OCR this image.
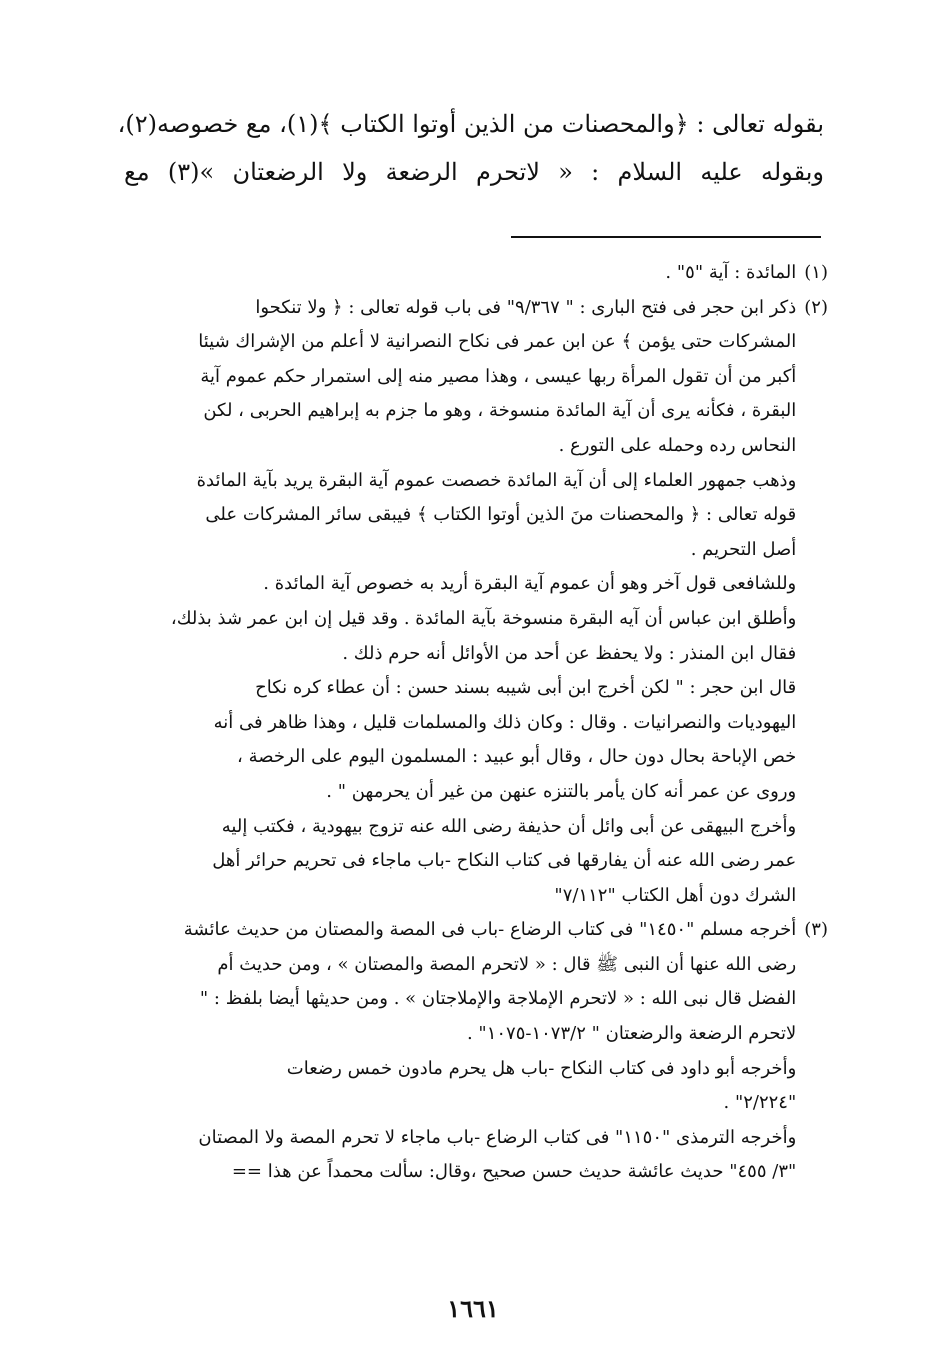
بقوله تعالى : ﴿والمحصنات من الذين أوتوا الكتاب ﴾(١)، مع خصوصه(٢)،
وبقوله عليه السلام : « لاتحرم الرضعة ولا الرضعتان »(٣) مع
(١)
المائدة : آية "٥" .
(٢)
ذكر ابن حجر فى فتح البارى : " ٩/٣٦٧" فى باب قوله تعالى : ﴿ ولا تنكحوا
المشركات حتى يؤمن ﴾ عن ابن عمر فى نكاح النصرانية لا أعلم من الإشراك شيئا
أكبر من أن تقول المرأة ربها عيسى ، وهذا مصير منه إلى استمرار حكم عموم آية
البقرة ، فكأنه يرى أن آية المائدة منسوخة ، وهو ما جزم به إبراهيم الحربى ، لكن
النحاس رده وحمله على التورع .
وذهب جمهور العلماء إلى أن آية المائدة خصصت عموم آية البقرة يريد بآية المائدة
قوله تعالى : ﴿ والمحصنات منَ الذين أوتوا الكتاب ﴾ فيبقى سائر المشركات على
أصل التحريم .
وللشافعى قول آخر وهو أن عموم آية البقرة أريد به خصوص آية المائدة .
وأطلق ابن عباس أن آيه البقرة منسوخة بآية المائدة . وقد قيل إن ابن عمر شذ بذلك،
فقال ابن المنذر : ولا يحفظ عن أحد من الأوائل أنه حرم ذلك .
قال ابن حجر : " لكن أخرج ابن أبى شيبه بسند حسن : أن عطاء كره نكاح
اليهوديات والنصرانيات . وقال : وكان ذلك والمسلمات قليل ، وهذا ظاهر فى أنه
خص الإباحة بحال دون حال ، وقال أبو عبيد : المسلمون اليوم على الرخصة ،
وروى عن عمر أنه كان يأمر بالتنزه عنهن من غير أن يحرمهن " .
وأخرج البيهقى عن أبى وائل أن حذيفة رضى الله عنه تزوج بيهودية ، فكتب إليه
عمر رضى الله عنه أن يفارقها فى كتاب النكاح -باب ماجاء فى تحريم حرائر أهل
الشرك دون أهل الكتاب "٧/١١٢"
(٣)
أخرجه مسلم "١٤٥٠" فى كتاب الرضاع -باب فى المصة والمصتان من حديث عائشة
رضى الله عنها أن النبى ﷺ قال : « لاتحرم المصة والمصتان » ، ومن حديث أم
الفضل قال نبى الله : « لاتحرم الإملاجة والإملاجتان » . ومن حديثها أيضا بلفظ : "
لاتحرم الرضعة والرضعتان " ١٠٧٣/٢-١٠٧٥" .
وأخرجه أبو داود فى كتاب النكاح -باب هل يحرم مادون خمس رضعات
"٢/٢٢٤" .
وأخرجه الترمذى "١١٥٠" فى كتاب الرضاع -باب ماجاء لا تحرم المصة ولا المصتان
"٣/ ٤٥٥" حديث عائشة حديث حسن صحيح ،وقال: سألت محمداً عن هذا ==
١٦٦١
